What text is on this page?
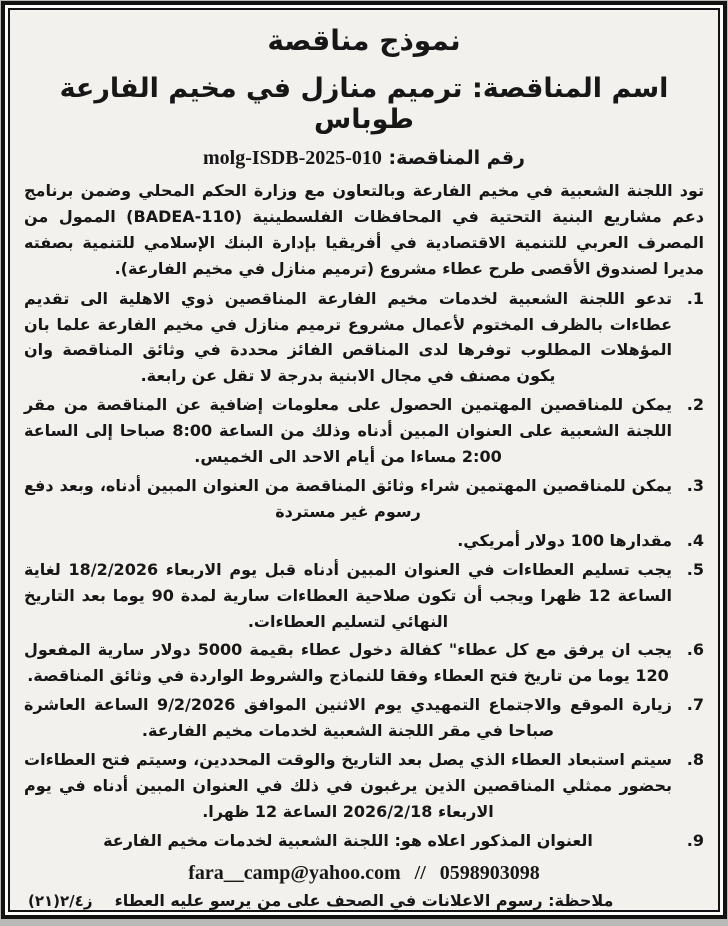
نموذج مناقصة
اسم المناقصة: ترميم منازل في مخيم الفارعة طوباس
رقم المناقصة: molg-ISDB-2025-010

تود اللجنة الشعبية في مخيم الفارعة وبالتعاون مع وزارة الحكم المحلي وضمن برنامج دعم مشاريع البنية التحتية في المحافظات الفلسطينية (BADEA-110) الممول من المصرف العربي للتنمية الاقتصادية في أفريقيا بإدارة البنك الإسلامي للتنمية بصفته مديرا لصندوق الأقصى طرح عطاء مشروع (ترميم منازل في مخيم الفارعة).

1.
تدعو اللجنة الشعبية لخدمات مخيم الفارعة المناقصين ذوي الاهلية الى تقديم عطاءات بالظرف المختوم لأعمال مشروع ترميم منازل في مخيم الفارعة علما بان المؤهلات المطلوب توفرها لدى المناقص الفائز محددة في وثائق المناقصة وان يكون مصنف في مجال الابنية بدرجة لا تقل عن رابعة.
2.
يمكن للمناقصين المهتمين الحصول على معلومات إضافية عن المناقصة من مقر اللجنة الشعبية على العنوان المبين أدناه وذلك من الساعة 8:00 صباحا إلى الساعة 2:00 مساءا من أيام الاحد الى الخميس.
3.
يمكن للمناقصين المهتمين شراء وثائق المناقصة من العنوان المبين أدناه، وبعد دفع رسوم غير مستردة
4.
مقدارها 100 دولار أمريكي.
5.
يجب تسليم العطاءات في العنوان المبين أدناه قبل يوم الاربعاء 18/2/2026 لغاية الساعة 12 ظهرا ويجب أن تكون صلاحية العطاءات سارية لمدة 90 يوما بعد التاريخ النهائي لتسليم العطاءات.
6.
يجب ان يرفق مع كل عطاء" كفالة دخول عطاء بقيمة 5000 دولار سارية المفعول 120 يوما من تاريخ فتح العطاء وفقا للنماذج والشروط الواردة في وثائق المناقصة.
7.
زيارة الموقع والاجتماع التمهيدي يوم الاثنين الموافق 9/2/2026 الساعة العاشرة صباحا في مقر اللجنة الشعبية لخدمات مخيم الفارعة.
8.
سيتم استبعاد العطاء الذي يصل بعد التاريخ والوقت المحددين، وسيتم فتح العطاءات بحضور ممثلي المناقصين الذين يرغبون في ذلك في العنوان المبين أدناه في يوم الاربعاء 2026/2/18 الساعة 12 ظهرا.
9.
العنوان المذكور اعلاه هو: اللجنة الشعبية لخدمات مخيم الفارعة
fara__camp@yahoo.com // 0598903098
ملاحظة: رسوم الاعلانات في الصحف على من يرسو عليه العطاء
ز٢/٤(٢١)
